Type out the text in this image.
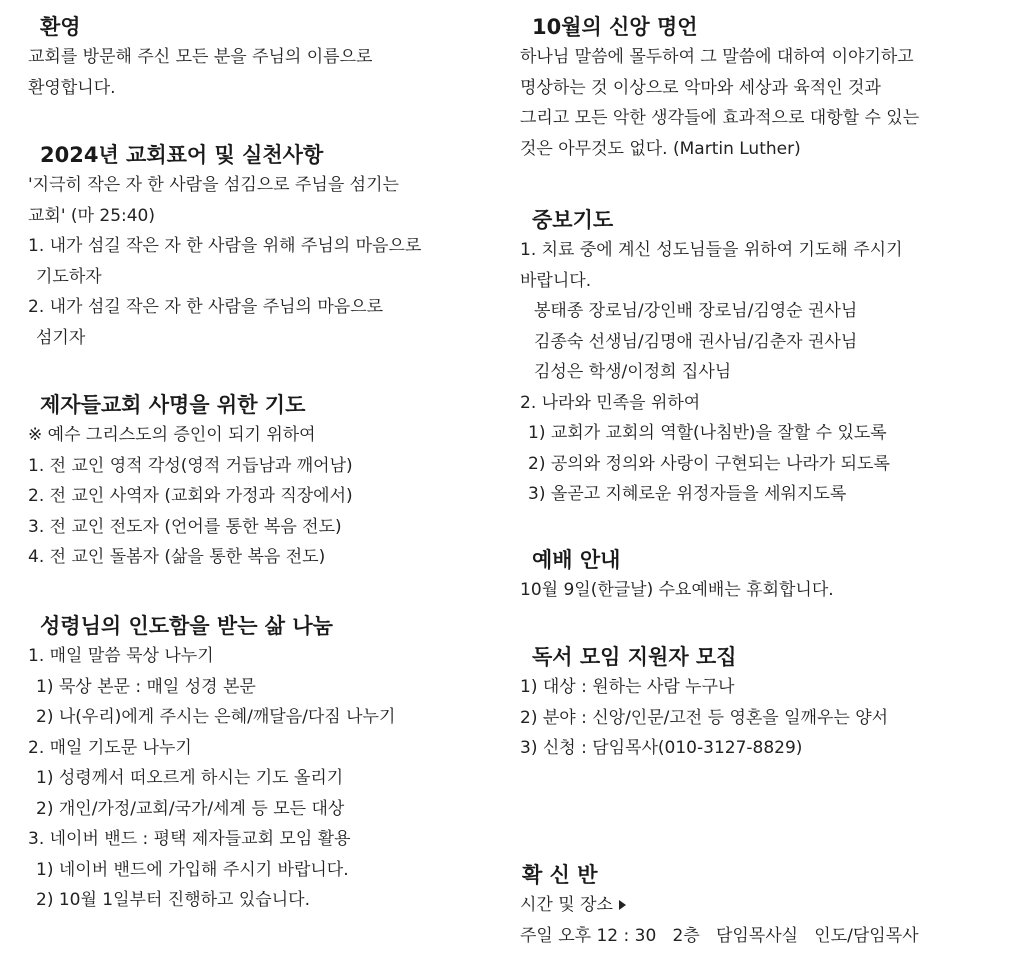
환영
교회를 방문해 주신 모든 분을 주님의 이름으로
환영합니다.
2024년 교회표어 및 실천사항
'지극히 작은 자 한 사람을 섬김으로 주님을 섬기는
교회' (마 25:40)
1. 내가 섬길 작은 자 한 사람을 위해 주님의 마음으로
기도하자
2. 내가 섬길 작은 자 한 사람을 주님의 마음으로
섬기자
제자들교회 사명을 위한 기도
※ 예수 그리스도의 증인이 되기 위하여
1. 전 교인 영적 각성(영적 거듭남과 깨어남)
2. 전 교인 사역자 (교회와 가정과 직장에서)
3. 전 교인 전도자 (언어를 통한 복음 전도)
4. 전 교인 돌봄자 (삶을 통한 복음 전도)
성령님의 인도함을 받는 삶 나눔
1. 매일 말씀 묵상 나누기
1) 묵상 본문 : 매일 성경 본문
2) 나(우리)에게 주시는 은혜/깨달음/다짐 나누기
2. 매일 기도문 나누기
1) 성령께서 떠오르게 하시는 기도 올리기
2) 개인/가정/교회/국가/세계 등 모든 대상
3. 네이버 밴드 : 평택 제자들교회 모임 활용
1) 네이버 밴드에 가입해 주시기 바랍니다.
2) 10월 1일부터 진행하고 있습니다.
10월의 신앙 명언
하나님 말씀에 몰두하여 그 말씀에 대하여 이야기하고
명상하는 것 이상으로 악마와 세상과 육적인 것과
그리고 모든 악한 생각들에 효과적으로 대항할 수 있는
것은 아무것도 없다. (Martin Luther)
중보기도
1. 치료 중에 계신 성도님들을 위하여 기도해 주시기
바랍니다.
봉태종 장로님/강인배 장로님/김영순 권사님
김종숙 선생님/김명애 권사님/김춘자 권사님
김성은 학생/이정희 집사님
2. 나라와 민족을 위하여
1) 교회가 교회의 역할(나침반)을 잘할 수 있도록
2) 공의와 정의와 사랑이 구현되는 나라가 되도록
3) 올곧고 지혜로운 위정자들을 세워지도록
예배 안내
10월 9일(한글날) 수요예배는 휴회합니다.
독서 모임 지원자 모집
1) 대상 : 원하는 사람 누구나
2) 분야 : 신앙/인문/고전 등 영혼을 일깨우는 양서
3) 신청 : 담임목사(010-3127-8829)
확 신 반
시간 및 장소
주일 오후 12 : 30   2층   담임목사실   인도/담임목사
